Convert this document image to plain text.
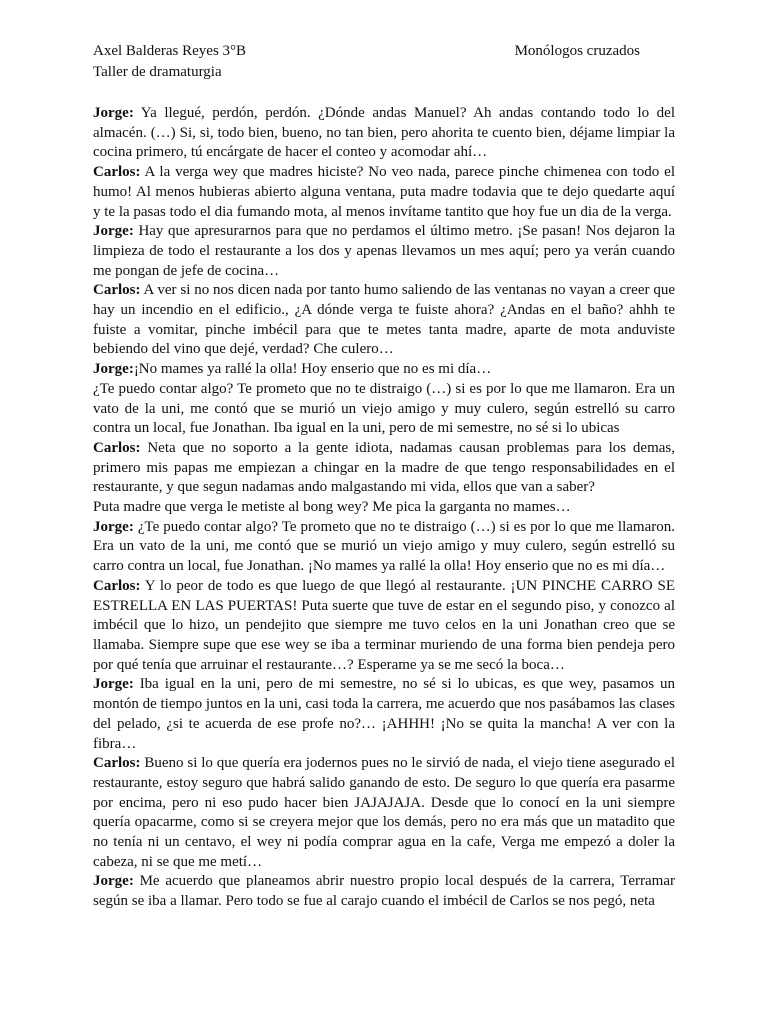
Axel Balderas Reyes 3°B	Monólogos cruzados
Taller de dramaturgia

Jorge: Ya llegué, perdón, perdón. ¿Dónde andas Manuel? Ah andas contando todo lo del almacén. (…) Si, si, todo bien, bueno, no tan bien, pero ahorita te cuento bien, déjame limpiar la cocina primero, tú encárgate de hacer el conteo y acomodar ahí…

Carlos: A la verga wey que madres hiciste? No veo nada, parece pinche chimenea con todo el humo! Al menos hubieras abierto alguna ventana, puta madre todavia que te dejo quedarte aquí y te la pasas todo el dia fumando mota, al menos invítame tantito que hoy fue un dia de la verga.

Jorge: Hay que apresurarnos para que no perdamos el último metro. ¡Se pasan! Nos dejaron la limpieza de todo el restaurante a los dos y apenas llevamos un mes aquí; pero ya verán cuando me pongan de jefe de cocina…

Carlos: A ver si no nos dicen nada por tanto humo saliendo de las ventanas no vayan a creer que hay un incendio en el edificio., ¿A dónde verga te fuiste ahora? ¿Andas en el baño? ahhh te fuiste a vomitar, pinche imbécil para que te metes tanta madre, aparte de mota anduviste bebiendo del vino que dejé, verdad? Che culero…

Jorge:¡No mames ya rallé la olla! Hoy enserio que no es mi día…

¿Te puedo contar algo? Te prometo que no te distraigo (…) si es por lo que me llamaron. Era un vato de la uni, me contó que se murió un viejo amigo y muy culero, según estrelló su carro contra un local, fue Jonathan. Iba igual en la uni, pero de mi semestre, no sé si lo ubicas

Carlos: Neta que no soporto a la gente idiota, nadamas causan problemas para los demas, primero mis papas me empiezan a chingar en la madre de que tengo responsabilidades en el restaurante, y que segun nadamas ando malgastando mi vida, ellos que van a saber?

Puta madre que verga le metiste al bong wey? Me pica la garganta no mames…

Jorge: ¿Te puedo contar algo? Te prometo que no te distraigo (…) si es por lo que me llamaron. Era un vato de la uni, me contó que se murió un viejo amigo y muy culero, según estrelló su carro contra un local, fue Jonathan. ¡No mames ya rallé la olla! Hoy enserio que no es mi día…

Carlos: Y lo peor de todo es que luego de que llegó al restaurante. ¡UN PINCHE CARRO SE ESTRELLA EN LAS PUERTAS! Puta suerte que tuve de estar en el segundo piso, y conozco al imbécil que lo hizo, un pendejito que siempre me tuvo celos en la uni Jonathan creo que se llamaba. Siempre supe que ese wey se iba a terminar muriendo de una forma bien pendeja pero por qué tenía que arruinar el restaurante…? Esperame ya se me secó la boca…

Jorge: Iba igual en la uni, pero de mi semestre, no sé si lo ubicas, es que wey, pasamos un montón de tiempo juntos en la uni, casi toda la carrera, me acuerdo que nos pasábamos las clases del pelado, ¿si te acuerda de ese profe no?… ¡AHHH! ¡No se quita la mancha! A ver con la fibra…

Carlos: Bueno si lo que quería era jodernos pues no le sirvió de nada, el viejo tiene asegurado el restaurante, estoy seguro que habrá salido ganando de esto. De seguro lo que quería era pasarme por encima, pero ni eso pudo hacer bien JAJAJAJA. Desde que lo conocí en la uni siempre quería opacarme, como si se creyera mejor que los demás, pero no era más que un matadito que no tenía ni un centavo, el wey ni podía comprar agua en la cafe, Verga me empezó a doler la cabeza, ni se que me metí…

Jorge: Me acuerdo que planeamos abrir nuestro propio local después de la carrera, Terramar según se iba a llamar. Pero todo se fue al carajo cuando el imbécil de Carlos se nos pegó, neta
